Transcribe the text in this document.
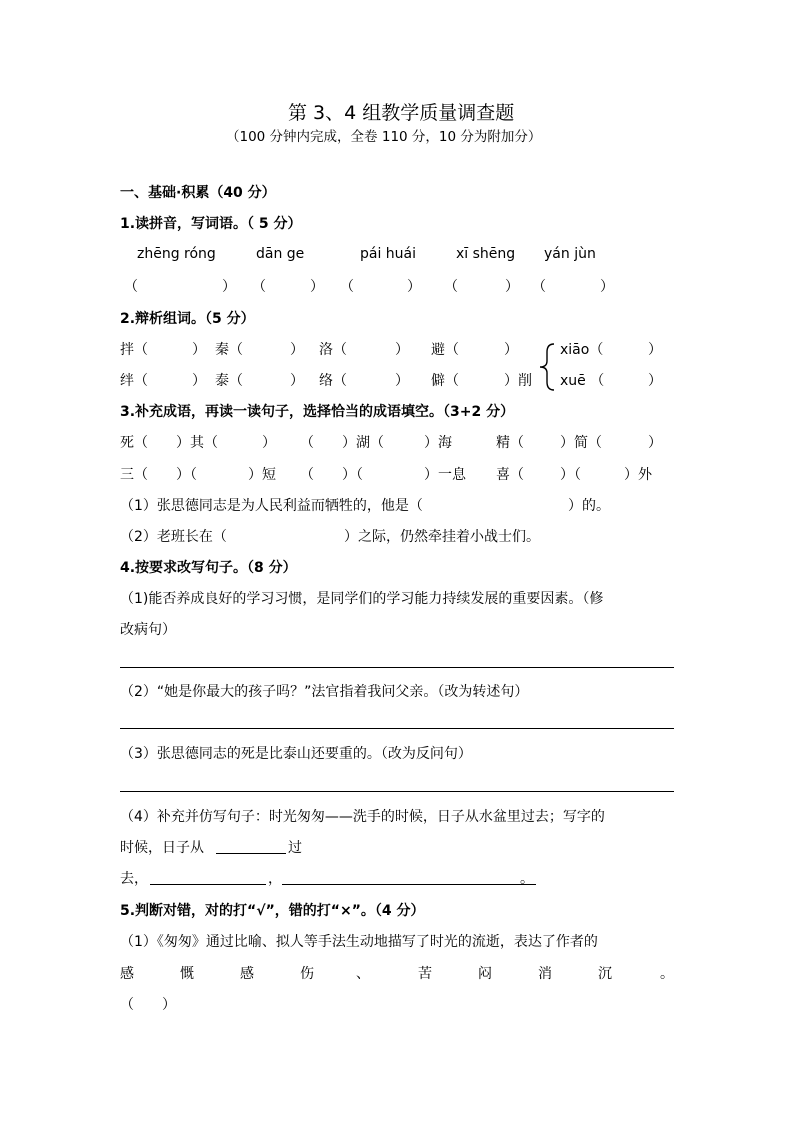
第 3、4 组教学质量调查题
（100 分钟内完成，全卷 110 分，10 分为附加分）
一、基础·积累（40 分）
1.读拼音，写词语。（ 5 分）
zhēng róng	dān ge	pái huái	xī shēng yán jùn
（	） （	） （	） （	） （	）
2.辩析组词。（5 分）
拌（	） 秦（	） 洛（	） 避（	）
绊（	） 泰（	） 络（	） 僻（	）削
xiāo（	）
xuē （	）
3.补充成语，再读一读句子，选择恰当的成语填空。（3+2 分）
死（ ）其（	） （ ）湖（	）海	精（	）简（	）
三（ ）（	）短 （ ）（	）一息 喜（	）（	）外
（1）张思德同志是为人民利益而牺牲的，他是（	）的。
（2）老班长在（	）之际，仍然牵挂着小战士们。
4.按要求改写句子。（8 分）
（1)能否养成良好的学习习惯，是同学们的学习能力持续发展的重要因素。（修
改病句）
（2）“她是你最大的孩子吗？”法官指着我问父亲。（改为转述句）
（3）张思德同志的死是比泰山还要重的。（改为反问句）
（4）补充并仿写句子：时光匆匆——洗手的时候，日子从水盆里过去；写字的
时候，日子从	过
去，	，	。
5.判断对错，对的打“√”，错的打“×”。（4 分）
（1）《匆匆》通过比喻、拟人等手法生动地描写了时光的流逝，表达了作者的
感	慨	感	伤	、	苦	闷	消	沉	。
（　　）
